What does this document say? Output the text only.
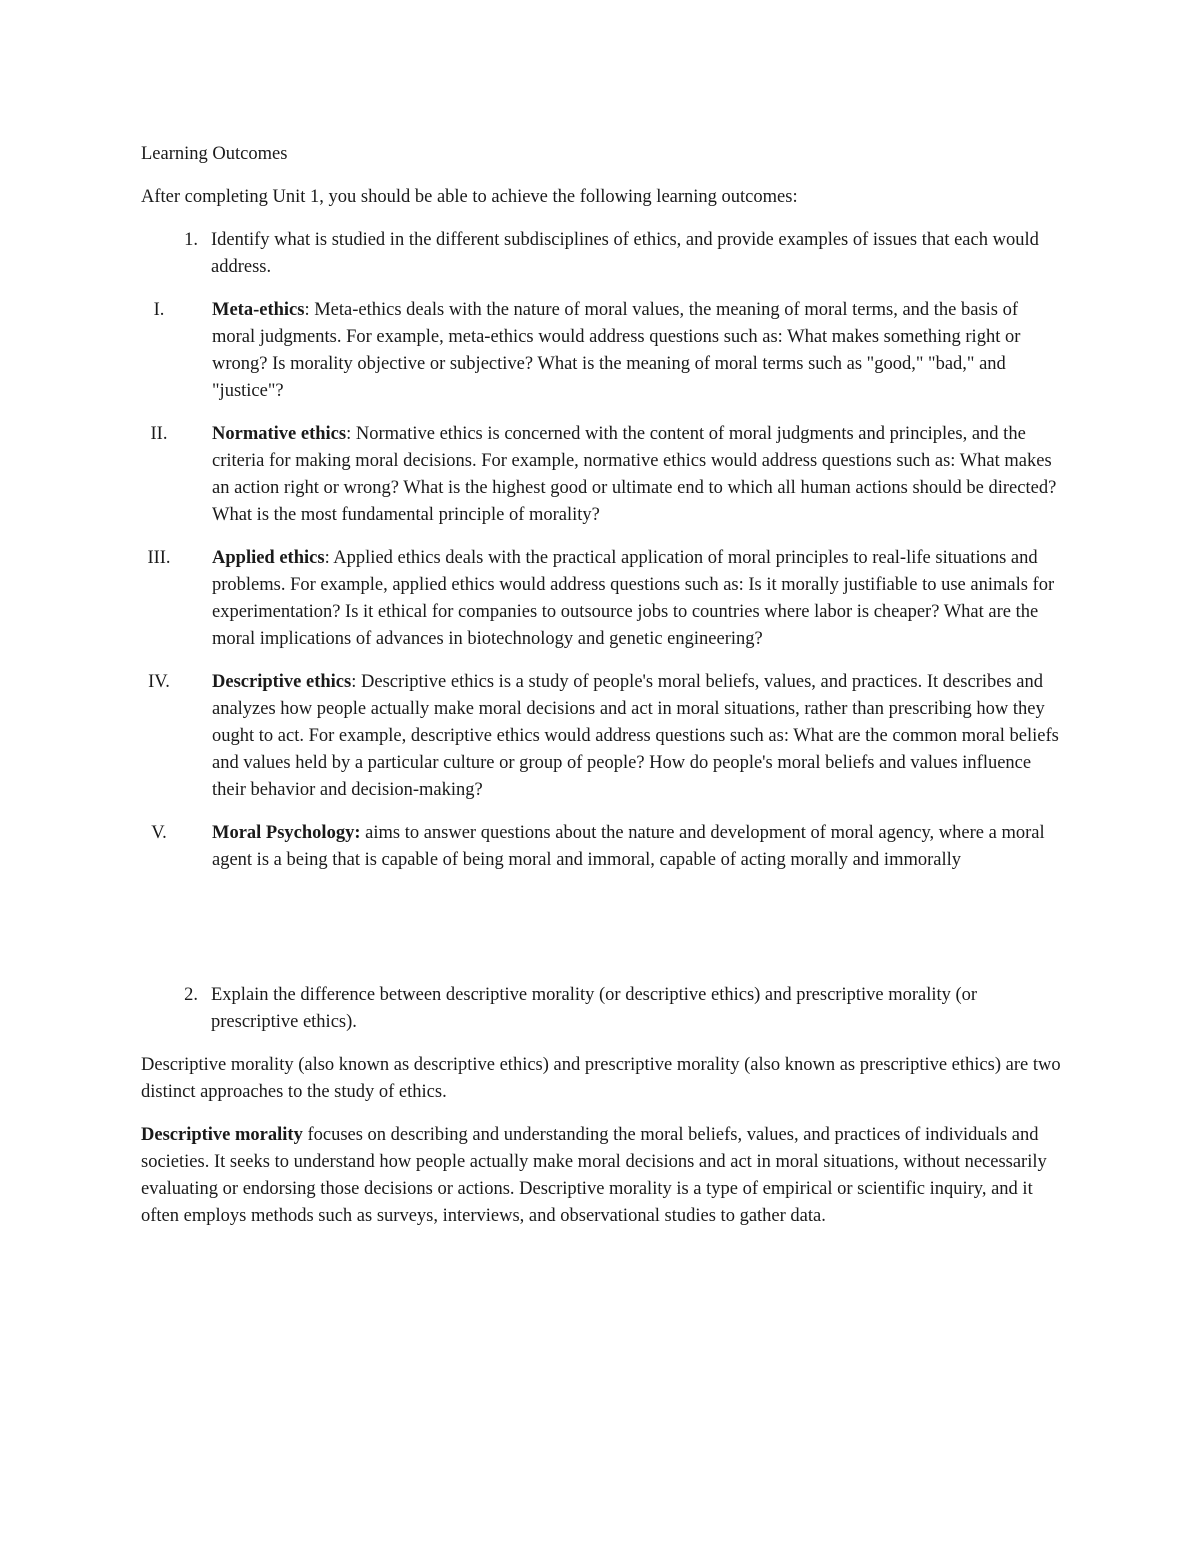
Learning Outcomes
After completing Unit 1, you should be able to achieve the following learning outcomes:
1. Identify what is studied in the different subdisciplines of ethics, and provide examples of issues that each would address.
I.	Meta-ethics: Meta-ethics deals with the nature of moral values, the meaning of moral terms, and the basis of moral judgments. For example, meta-ethics would address questions such as: What makes something right or wrong? Is morality objective or subjective? What is the meaning of moral terms such as "good," "bad," and "justice"?
II.	Normative ethics: Normative ethics is concerned with the content of moral judgments and principles, and the criteria for making moral decisions. For example, normative ethics would address questions such as: What makes an action right or wrong? What is the highest good or ultimate end to which all human actions should be directed? What is the most fundamental principle of morality?
III.	Applied ethics: Applied ethics deals with the practical application of moral principles to real-life situations and problems. For example, applied ethics would address questions such as: Is it morally justifiable to use animals for experimentation? Is it ethical for companies to outsource jobs to countries where labor is cheaper? What are the moral implications of advances in biotechnology and genetic engineering?
IV.	Descriptive ethics: Descriptive ethics is a study of people's moral beliefs, values, and practices. It describes and analyzes how people actually make moral decisions and act in moral situations, rather than prescribing how they ought to act. For example, descriptive ethics would address questions such as: What are the common moral beliefs and values held by a particular culture or group of people? How do people's moral beliefs and values influence their behavior and decision-making?
V.	Moral Psychology: aims to answer questions about the nature and development of moral agency, where a moral agent is a being that is capable of being moral and immoral, capable of acting morally and immorally
2. Explain the difference between descriptive morality (or descriptive ethics) and prescriptive morality (or prescriptive ethics).
Descriptive morality (also known as descriptive ethics) and prescriptive morality (also known as prescriptive ethics) are two distinct approaches to the study of ethics.
Descriptive morality focuses on describing and understanding the moral beliefs, values, and practices of individuals and societies. It seeks to understand how people actually make moral decisions and act in moral situations, without necessarily evaluating or endorsing those decisions or actions. Descriptive morality is a type of empirical or scientific inquiry, and it often employs methods such as surveys, interviews, and observational studies to gather data.
